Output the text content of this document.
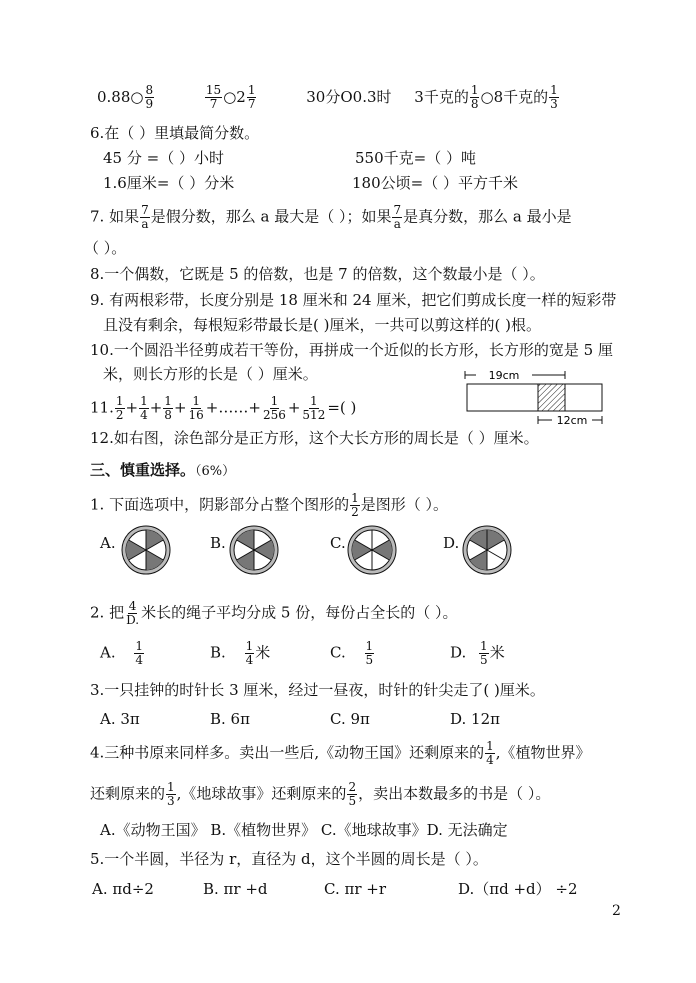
0.88○ $\frac{8}{9}$
	$\frac{15}{7}$ ○2 $\frac{1}{7}$	30分O0.3时 3千克的 $\frac{1}{8}$ ○8千克的 $\frac{1}{3}$
6.在（ ）里填最简分数。
45 分 =（ ）小时	550千克=（ ）吨
1.6厘米=（ ）分米	180公顷=（ ）平方千米
7. 如果 $\frac{7}{a}$ 是假分数，那么 a 最大是（ ）；如果 $\frac{7}{a}$ 是真分数，那么 a 最小是
（ ）。
8.一个偶数，它既是 5 的倍数，也是 7 的倍数，这个数最小是（ ）。
9. 有两根彩带，长度分别是 18 厘米和 24 厘米，把它们剪成长度一样的短彩带
且没有剩余，每根短彩带最长是( )厘米，一共可以剪这样的( )根。
10.一个圆沿半径剪成若干等份，再拼成一个近似的长方形，长方形的宽是 5 厘
米，则长方形的长是（ ）厘米。
11. $\frac{1}{2} + \frac{1}{4} + \frac{1}{8} + \frac{1}{16}$ +……+ $\frac{1}{256} + \frac{1}{512}$ =( )
19cm
12cm
12.如右图，涂色部分是正方形，这个大长方形的周长是（ ）厘米。
三、慎重选择。（6%）
1. 下面选项中，阴影部分占整个图形的 $\frac{1}{2}$ 是图形（ ）。
A.	B.	C.	D.
2. 把 $\frac{4}{D.}$ 米长的绳子平均分成 5 份，每份占全长的（ ）。
A. $\frac{1}{4}$	B. $\frac{1}{4}$ 米	C. $\frac{1}{5}$	D. $\frac{1}{5}$ 米
3.一只挂钟的时针长 3 厘米，经过一昼夜，时针的针尖走了( )厘米。
A. 3π	B. 6π	C. 9π	D. 12π
4.三种书原来同样多。卖出一些后,《动物王国》还剩原来的 $\frac{1}{4}$ ,《植物世界》
还剩原来的 $\frac{1}{3}$ ,《地球故事》还剩原来的 $\frac{2}{5}$ ，卖出本数最多的书是（ ）。
A.《动物王国》 B.《植物世界》 C.《地球故事》D. 无法确定
5.一个半圆，半径为 r，直径为 d，这个半圆的周长是（ ）。
A. πd÷2	B. πr +d	C. πr +r	D.（πd +d） ÷2
2
